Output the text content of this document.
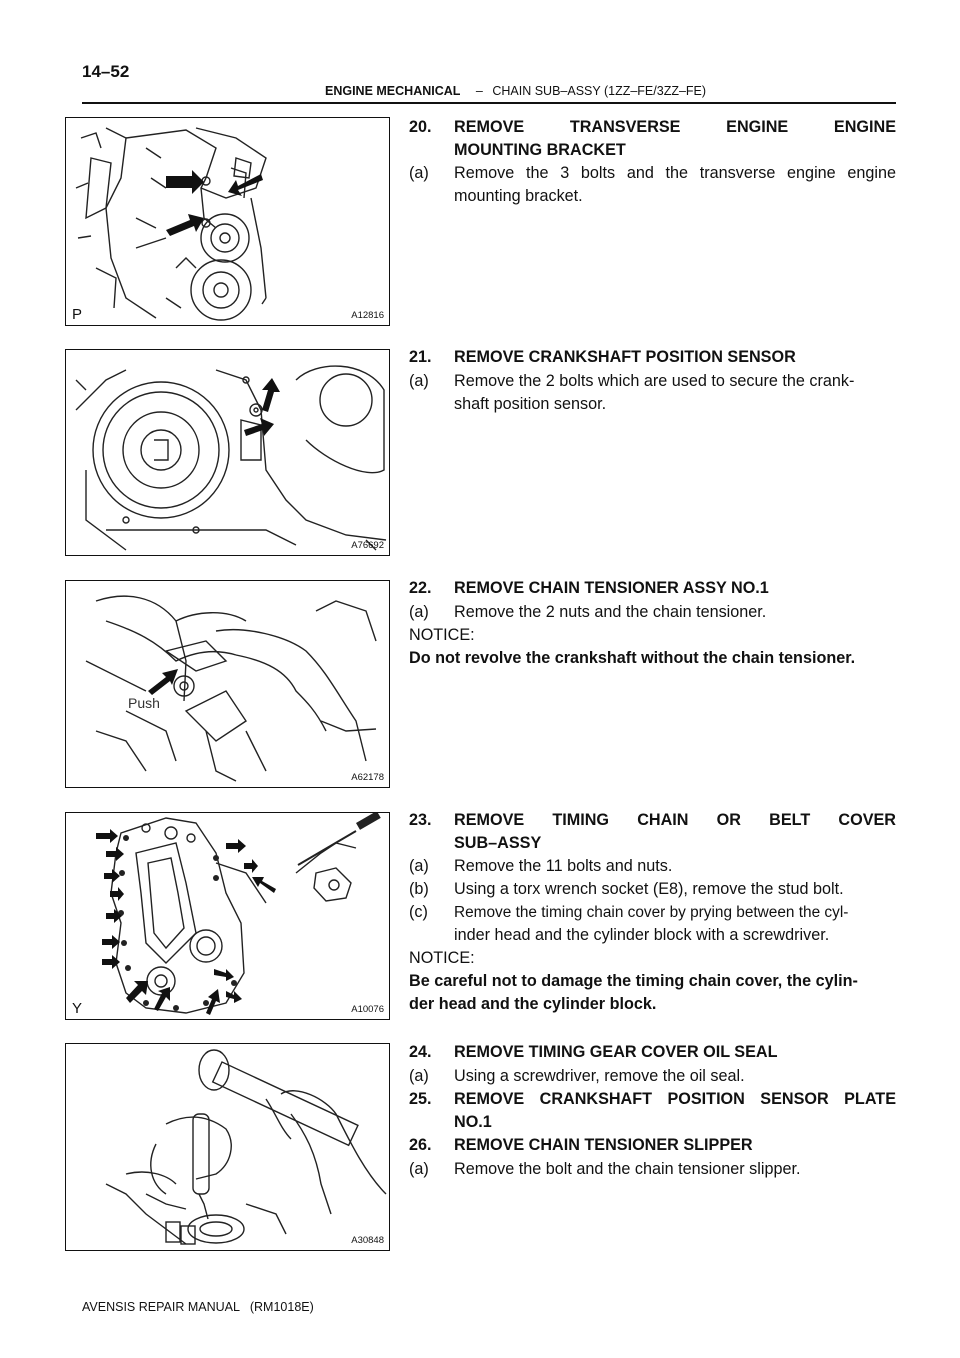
14–52
ENGINE MECHANICAL – CHAIN SUB–ASSY (1ZZ–FE/3ZZ–FE)
P	A12816
A76692
Push
A62178
Y	A10076
A30848
20.	REMOVE TRANSVERSE ENGINE ENGINE
MOUNTING BRACKET
(a)	Remove the 3 bolts and the transverse engine engine
mounting bracket.
21.	REMOVE CRANKSHAFT POSITION SENSOR
(a)	Remove the 2 bolts which are used to secure the crank-
shaft position sensor.
22.	REMOVE CHAIN TENSIONER ASSY NO.1
(a)	Remove the 2 nuts and the chain tensioner.
NOTICE:
Do not revolve the crankshaft without the chain tensioner.
23.	REMOVE TIMING CHAIN OR BELT COVER
SUB–ASSY
(a)	Remove the 11 bolts and nuts.
(b)	Using a torx wrench socket (E8), remove the stud bolt.
(c)	Remove the timing chain cover by prying between the cyl-
inder head and the cylinder block with a screwdriver.
NOTICE:
Be careful not to damage the timing chain cover, the cylin-
der head and the cylinder block.
24.	REMOVE TIMING GEAR COVER OIL SEAL
(a)	Using a screwdriver, remove the oil seal.
25.	REMOVE CRANKSHAFT POSITION SENSOR PLATE
NO.1
26.	REMOVE CHAIN TENSIONER SLIPPER
(a)	Remove the bolt and the chain tensioner slipper.
AVENSIS REPAIR MANUAL   (RM1018E)
